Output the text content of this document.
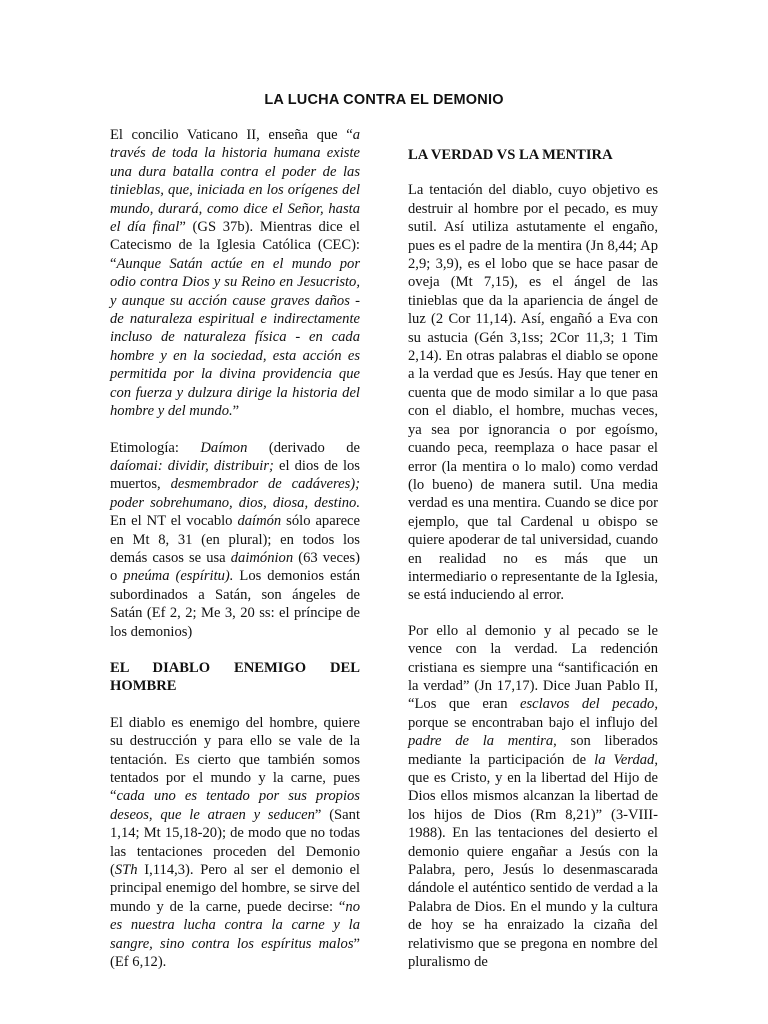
LA LUCHA CONTRA EL DEMONIO

El concilio Vaticano II, enseña que “a través de toda la historia humana existe una dura batalla contra el poder de las tinieblas, que, iniciada en los orígenes del mundo, durará, como dice el Señor, hasta el día final” (GS 37b). Mientras dice el Catecismo de la Iglesia Católica (CEC): “Aunque Satán actúe en el mundo por odio contra Dios y su Reino en Jesucristo, y aunque su acción cause graves daños -de naturaleza espiritual e indirectamente incluso de naturaleza física - en cada hombre y en la sociedad, esta acción es permitida por la divina providencia que con fuerza y dulzura dirige la historia del hombre y del mundo.”

Etimología: Daímon (derivado de daíomai: dividir, distribuir; el dios de los muertos, desmembrador de cadáveres); poder sobrehumano, dios, diosa, destino. En el NT el vocablo daímón sólo aparece en Mt 8, 31 (en plural); en todos los demás casos se usa daimónion (63 veces) o pneúma (espíritu). Los demonios están subordinados a Satán, son ángeles de Satán (Ef 2, 2; Me 3, 20 ss: el príncipe de los demonios)

EL DIABLO ENEMIGO DEL HOMBRE

El diablo es enemigo del hombre, quiere su destrucción y para ello se vale de la tentación. Es cierto que también somos tentados por el mundo y la carne, pues “cada uno es tentado por sus propios deseos, que le atraen y seducen” (Sant 1,14; Mt 15,18-20); de modo que no todas las tentaciones proceden del Demonio (STh I,114,3). Pero al ser el demonio el principal enemigo del hombre, se sirve del mundo y de la carne, puede decirse: “no es nuestra lucha contra la carne y la sangre, sino contra los espíritus malos” (Ef 6,12).

LA VERDAD VS LA MENTIRA

La tentación del diablo, cuyo objetivo es destruir al hombre por el pecado, es muy sutil. Así utiliza astutamente el engaño, pues es el padre de la mentira (Jn 8,44; Ap 2,9; 3,9), es el lobo que se hace pasar de oveja (Mt 7,15), es el ángel de las tinieblas que da la apariencia de ángel de luz (2 Cor 11,14). Así, engañó a Eva con su astucia (Gén 3,1ss; 2Cor 11,3; 1 Tim 2,14). En otras palabras el diablo se opone a la verdad que es Jesús. Hay que tener en cuenta que de modo similar a lo que pasa con el diablo, el hombre, muchas veces, ya sea por ignorancia o por egoísmo, cuando peca, reemplaza o hace pasar el error (la mentira o lo malo) como verdad (lo bueno) de manera sutil. Una media verdad es una mentira. Cuando se dice por ejemplo, que tal Cardenal u obispo se quiere apoderar de tal universidad, cuando en realidad no es más que un intermediario o representante de la Iglesia, se está induciendo al error.

Por ello al demonio y al pecado se le vence con la verdad. La redención cristiana es siempre una “santificación en la verdad” (Jn 17,17). Dice Juan Pablo II, “Los que eran esclavos del pecado, porque se encontraban bajo el influjo del padre de la mentira, son liberados mediante la participación de la Verdad, que es Cristo, y en la libertad del Hijo de Dios ellos mismos alcanzan la libertad de los hijos de Dios (Rm 8,21)” (3-VIII-1988). En las tentaciones del desierto el demonio quiere engañar a Jesús con la Palabra, pero, Jesús lo desenmascarada dándole el auténtico sentido de verdad a la Palabra de Dios. En el mundo y la cultura de hoy se ha enraizado la cizaña del relativismo que se pregona en nombre del pluralismo de
